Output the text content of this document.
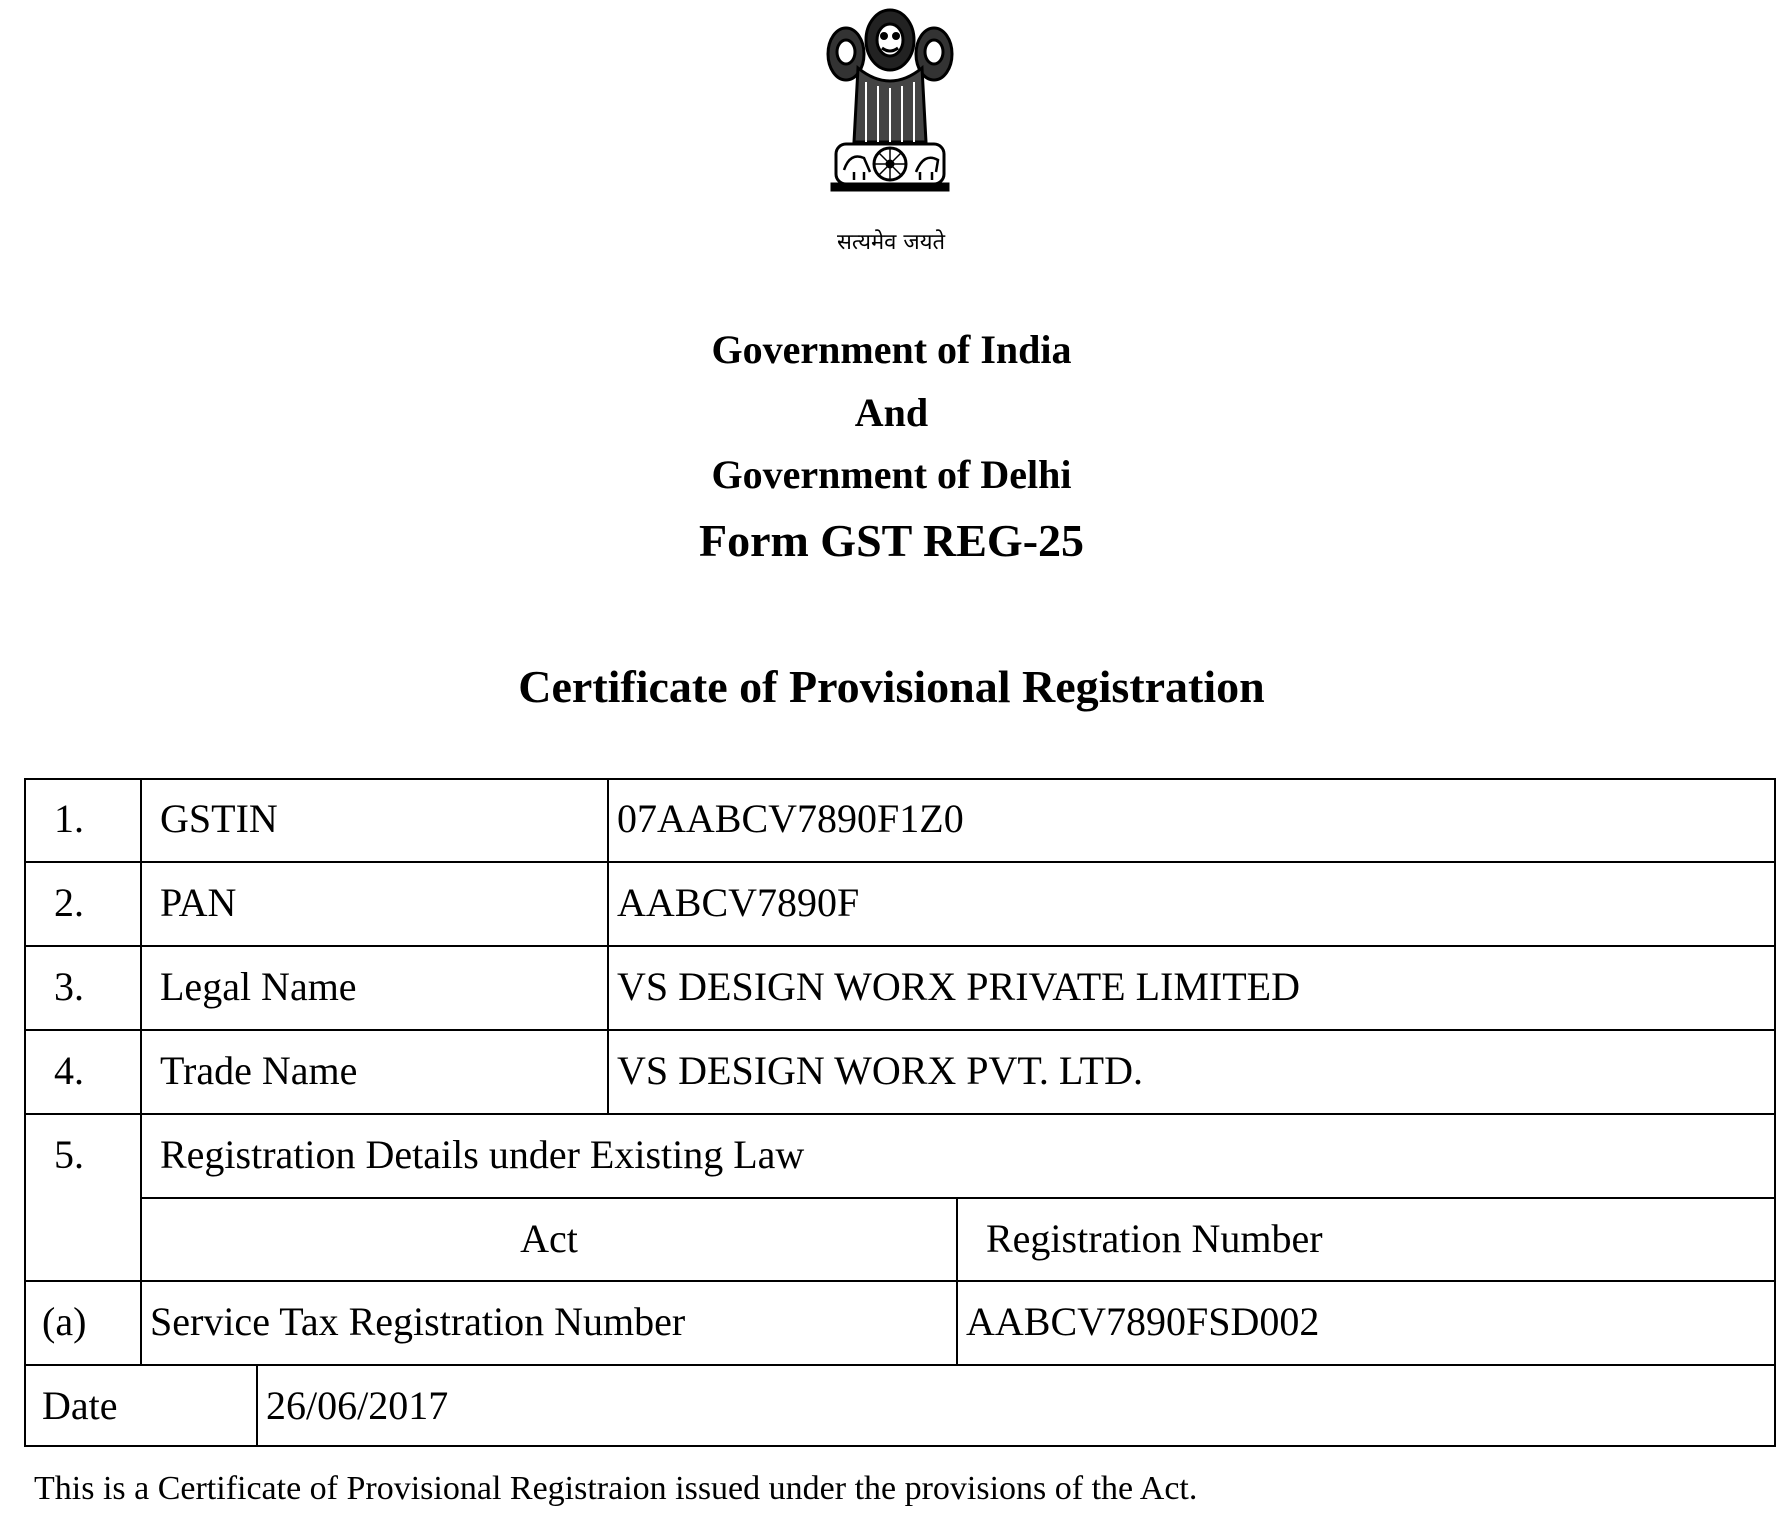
सत्यमेव जयते
Government of India
And
Government of Delhi
Form GST REG-25
Certificate of Provisional Registration
1. GSTIN	07AABCV7890F1Z0
2. PAN	AABCV7890F
3. Legal Name	VS DESIGN WORX PRIVATE LIMITED
4. Trade Name	VS DESIGN WORX PVT. LTD.
5. Registration Details under Existing Law
Act	Registration Number
(a) Service Tax Registration Number	AABCV7890FSD002
Date	26/06/2017
This is a Certificate of Provisional Registraion issued under the provisions of the Act.
